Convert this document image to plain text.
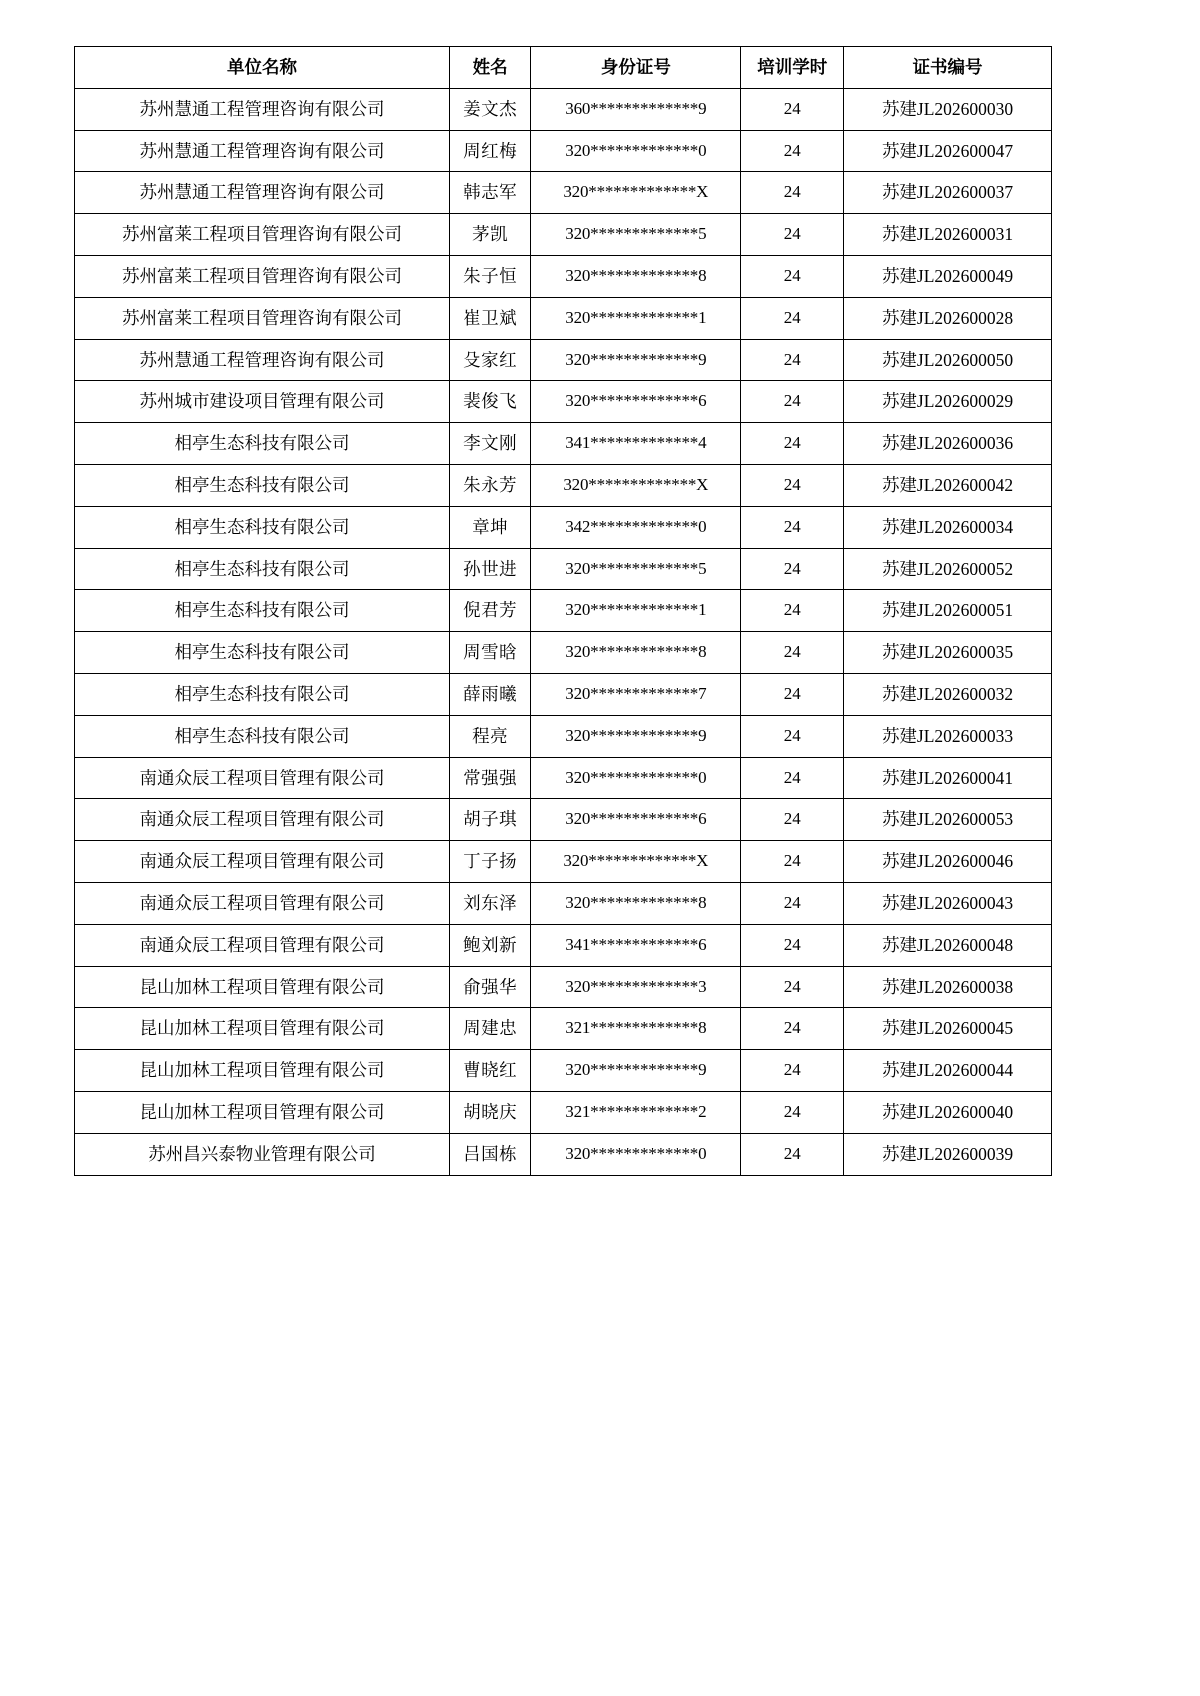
单位名称	姓名	身份证号	培训学时	证书编号
苏州慧通工程管理咨询有限公司	姜文杰	360*************9	24	苏建JL202600030
苏州慧通工程管理咨询有限公司	周红梅	320*************0	24	苏建JL202600047
苏州慧通工程管理咨询有限公司	韩志军	320*************X	24	苏建JL202600037
苏州富莱工程项目管理咨询有限公司	茅凯	320*************5	24	苏建JL202600031
苏州富莱工程项目管理咨询有限公司	朱子恒	320*************8	24	苏建JL202600049
苏州富莱工程项目管理咨询有限公司	崔卫斌	320*************1	24	苏建JL202600028
苏州慧通工程管理咨询有限公司	殳家红	320*************9	24	苏建JL202600050
苏州城市建设项目管理有限公司	裴俊飞	320*************6	24	苏建JL202600029
相亭生态科技有限公司	李文刚	341*************4	24	苏建JL202600036
相亭生态科技有限公司	朱永芳	320*************X	24	苏建JL202600042
相亭生态科技有限公司	章坤	342*************0	24	苏建JL202600034
相亭生态科技有限公司	孙世进	320*************5	24	苏建JL202600052
相亭生态科技有限公司	倪君芳	320*************1	24	苏建JL202600051
相亭生态科技有限公司	周雪晗	320*************8	24	苏建JL202600035
相亭生态科技有限公司	薛雨曦	320*************7	24	苏建JL202600032
相亭生态科技有限公司	程亮	320*************9	24	苏建JL202600033
南通众辰工程项目管理有限公司	常强强	320*************0	24	苏建JL202600041
南通众辰工程项目管理有限公司	胡子琪	320*************6	24	苏建JL202600053
南通众辰工程项目管理有限公司	丁子扬	320*************X	24	苏建JL202600046
南通众辰工程项目管理有限公司	刘东泽	320*************8	24	苏建JL202600043
南通众辰工程项目管理有限公司	鲍刘新	341*************6	24	苏建JL202600048
昆山加林工程项目管理有限公司	俞强华	320*************3	24	苏建JL202600038
昆山加林工程项目管理有限公司	周建忠	321*************8	24	苏建JL202600045
昆山加林工程项目管理有限公司	曹晓红	320*************9	24	苏建JL202600044
昆山加林工程项目管理有限公司	胡晓庆	321*************2	24	苏建JL202600040
苏州昌兴泰物业管理有限公司	吕国栋	320*************0	24	苏建JL202600039
